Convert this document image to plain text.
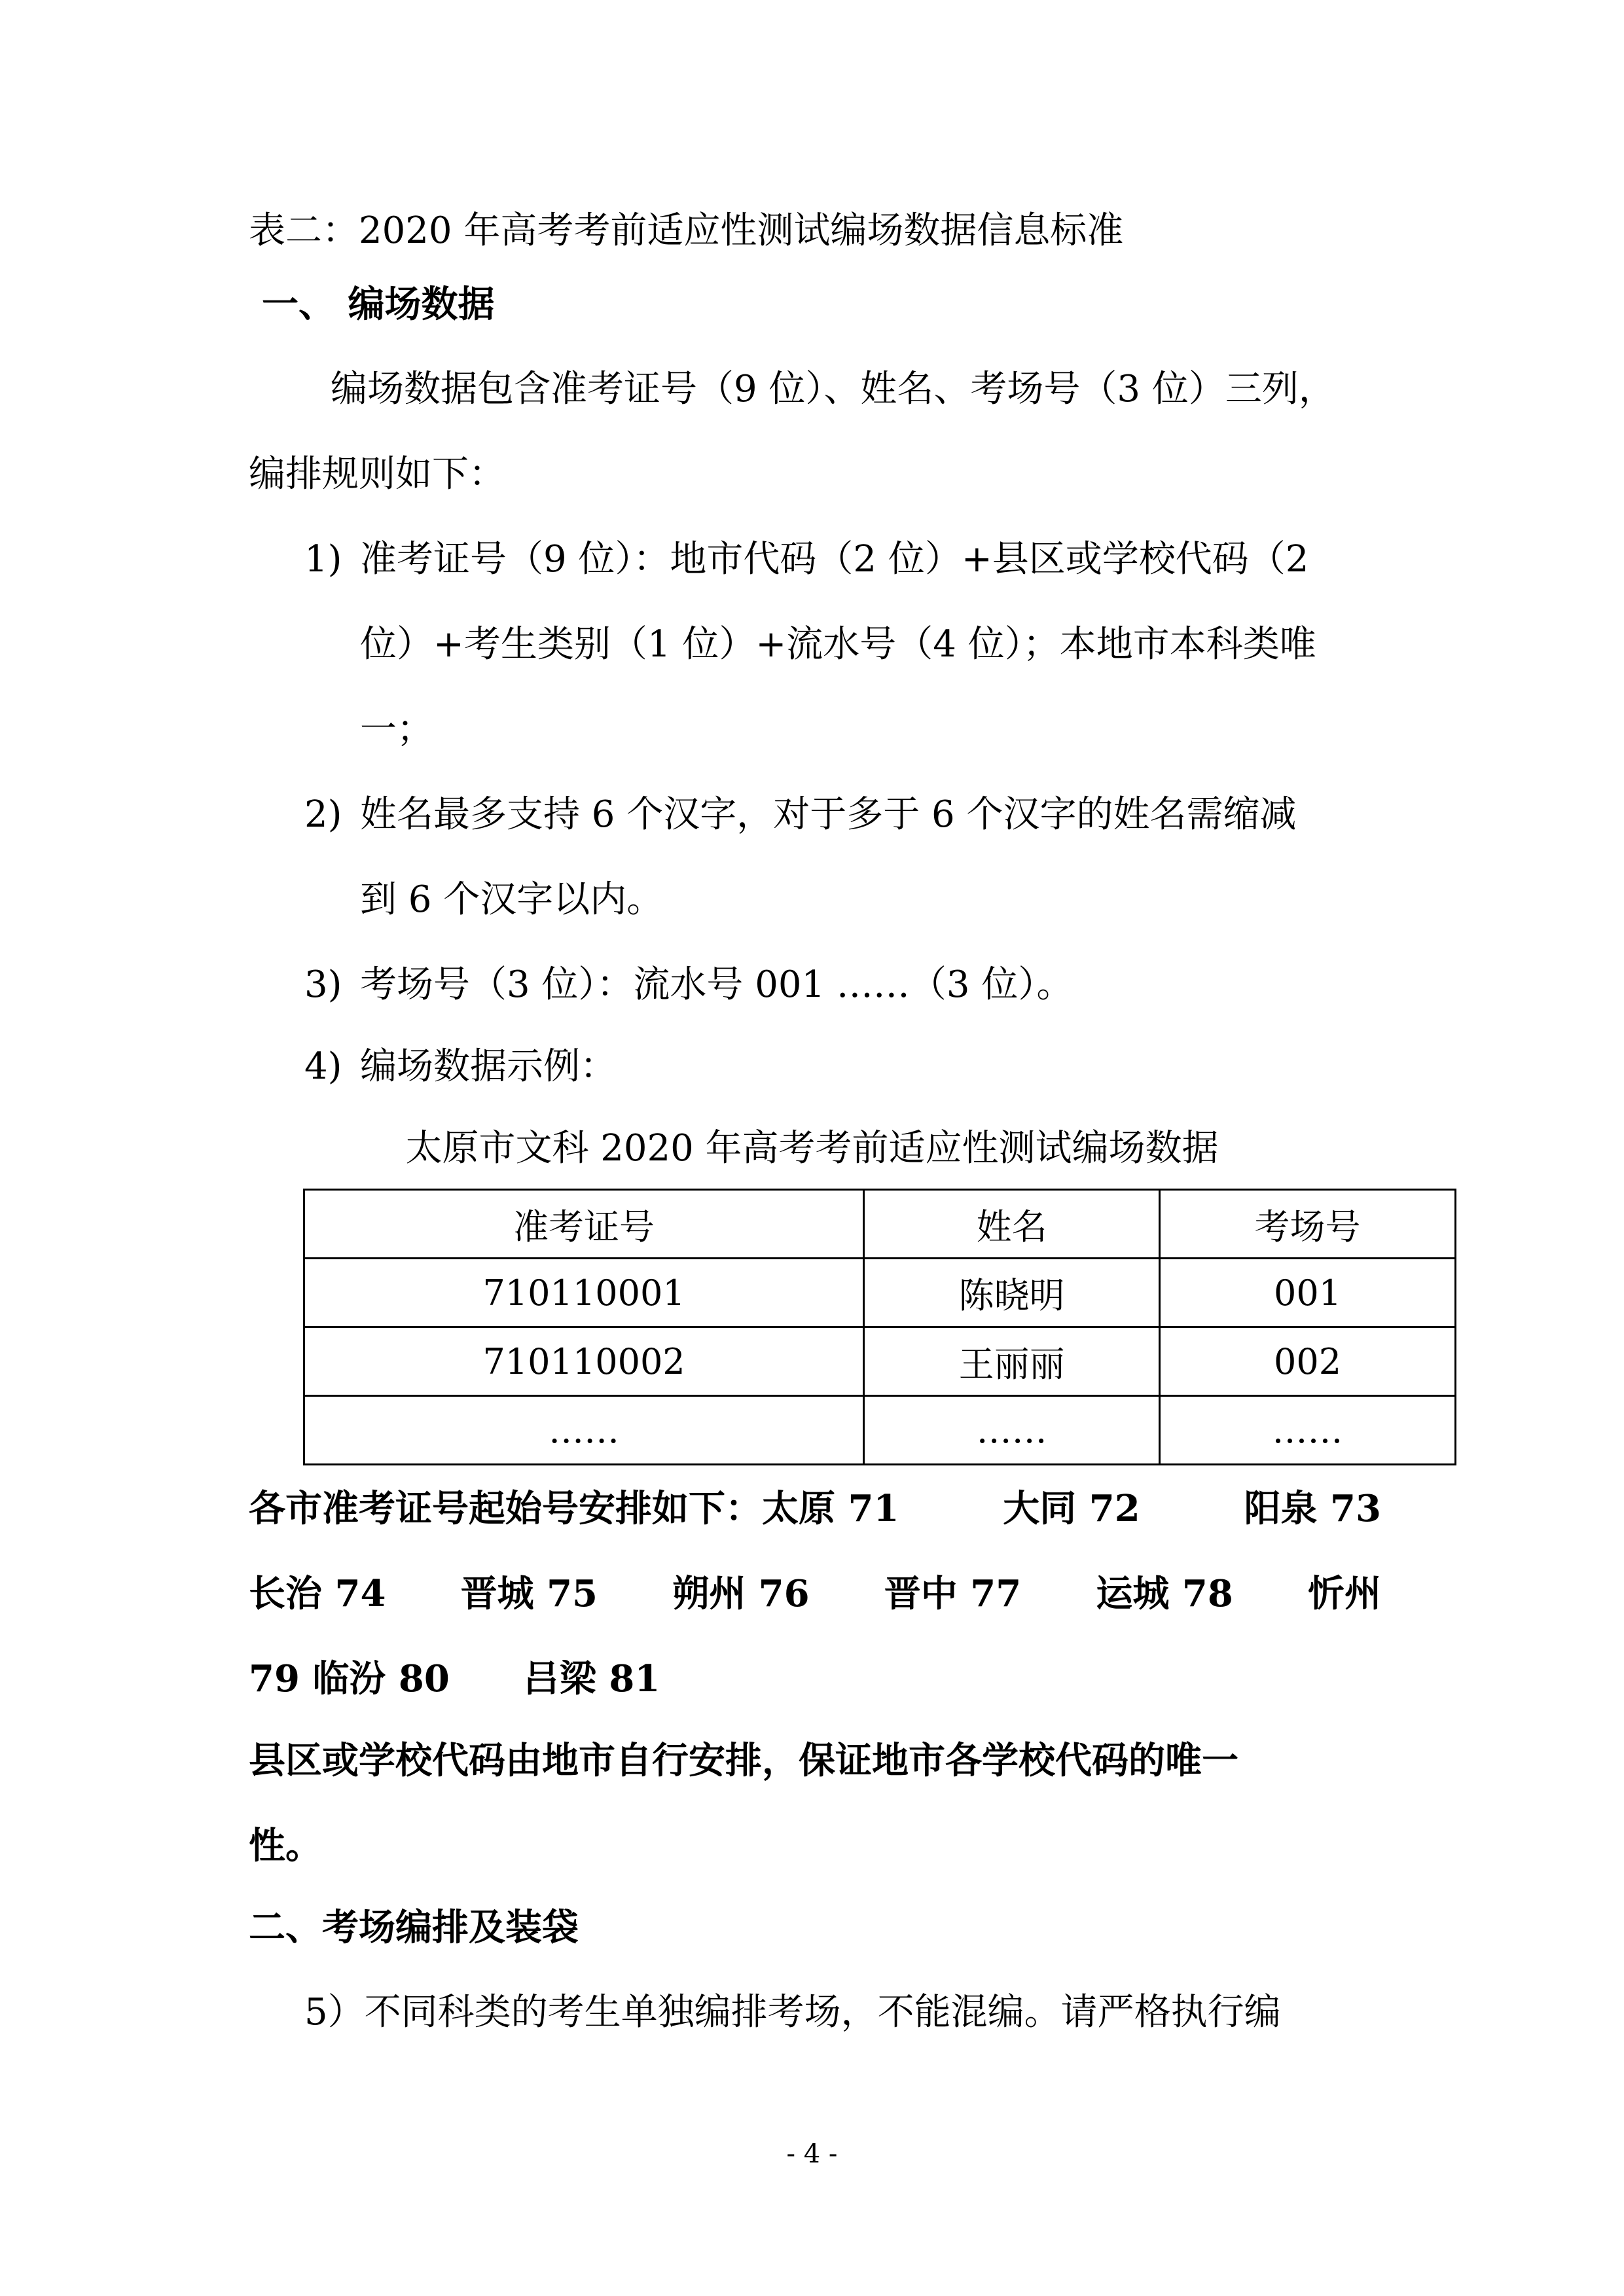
表二：2020 年高考考前适应性测试编场数据信息标准
一、 编场数据
编场数据包含准考证号（9 位）、姓名、考场号（3 位）三列，
编排规则如下：
1) 准考证号（9 位）：地市代码（2 位）+县区或学校代码（2
位）+考生类别（1 位）+流水号（4 位）；本地市本科类唯
一；
2) 姓名最多支持 6 个汉字，对于多于 6 个汉字的姓名需缩减
到 6 个汉字以内。
3) 考场号（3 位）：流水号 001 ……（3 位）。
4) 编场数据示例：
太原市文科 2020 年高考考前适应性测试编场数据
准考证号	姓名	考场号
710110001	陈晓明	001
710110002	王丽丽	002
……	……	……
各市准考证号起始号安排如下：太原 71	大同 72	阳泉 73
长治 74 晋城 75 朔州 76 晋中 77 运城 78 忻州
79 临汾 80　　吕梁 81
县区或学校代码由地市自行安排，保证地市各学校代码的唯一
性。
二、考场编排及装袋
5）不同科类的考生单独编排考场，不能混编。请严格执行编
- 4 -
